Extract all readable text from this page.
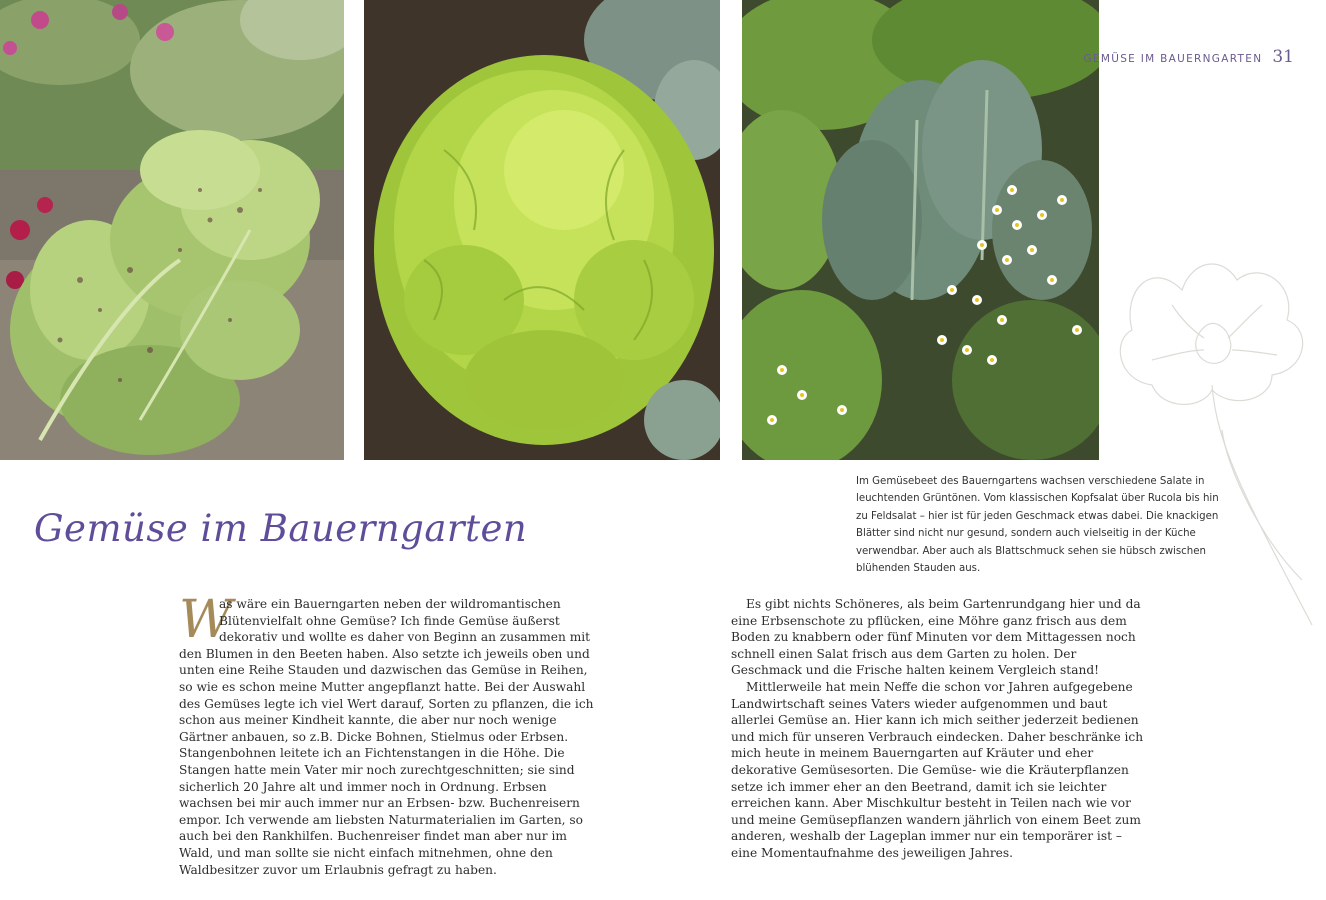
GEMÜSE IM BAUERNGARTEN 31
Im Gemüsebeet des Bauerngartens wachsen verschiedene Salate in leuchtenden Grüntönen. Vom klassischen Kopfsalat über Rucola bis hin zu Feldsalat – hier ist für jeden Geschmack etwas dabei. Die knackigen Blätter sind nicht nur gesund, sondern auch vielseitig in der Küche verwendbar. Aber auch als Blattschmuck sehen sie hübsch zwischen blühenden Stauden aus.
Gemüse im Bauerngarten

W
as wäre ein Bauerngarten neben der wildromantischen Blütenvielfalt ohne Gemüse? Ich finde Gemüse äußerst dekorativ und wollte es daher von Beginn an zusammen mit den Blumen in den Beeten haben. Also setzte ich jeweils oben und unten eine Reihe Stauden und dazwischen das Gemüse in Reihen, so wie es schon meine Mutter angepflanzt hatte. Bei der Auswahl des Gemüses legte ich viel Wert darauf, Sorten zu pflanzen, die ich schon aus meiner Kindheit kannte, die aber nur noch wenige Gärtner anbauen, so z.B. Dicke Bohnen, Stielmus oder Erbsen. Stangenbohnen leitete ich an Fichtenstangen in die Höhe. Die Stangen hatte mein Vater mir noch zurechtgeschnitten; sie sind sicherlich 20 Jahre alt und immer noch in Ordnung. Erbsen wachsen bei mir auch immer nur an Erbsen- bzw. Buchenreisern empor. Ich verwende am liebsten Naturmaterialien im Garten, so auch bei den Rankhilfen. Buchenreiser findet man aber nur im Wald, und man sollte sie nicht einfach mitnehmen, ohne den Waldbesitzer zuvor um Erlaubnis gefragt zu haben.

Es gibt nichts Schöneres, als beim Gartenrundgang hier und da eine Erbsenschote zu pflücken, eine Möhre ganz frisch aus dem Boden zu knabbern oder fünf Minuten vor dem Mittagessen noch schnell einen Salat frisch aus dem Garten zu holen. Der Geschmack und die Frische halten keinem Vergleich stand!

Mittlerweile hat mein Neffe die schon vor Jahren aufgegebene Landwirtschaft seines Vaters wieder aufgenommen und baut allerlei Gemüse an. Hier kann ich mich seither jederzeit bedienen und mich für unseren Verbrauch eindecken. Daher beschränke ich mich heute in meinem Bauerngarten auf Kräuter und eher dekorative Gemüsesorten. Die Gemüse- wie die Kräuterpflanzen setze ich immer eher an den Beetrand, damit ich sie leichter erreichen kann. Aber Mischkultur besteht in Teilen nach wie vor und meine Gemüsepflanzen wandern jährlich von einem Beet zum anderen, weshalb der Lageplan immer nur ein temporärer ist – eine Momentaufnahme des jeweiligen Jahres.
